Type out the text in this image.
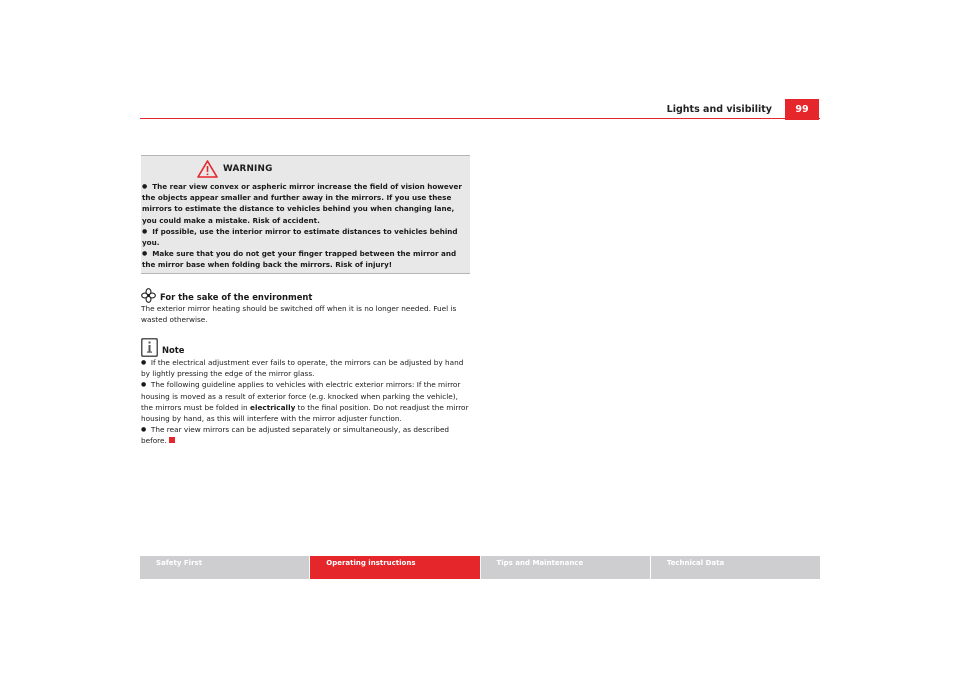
Lights and visibility	99
WARNING

● The rear view convex or aspheric mirror increase the field of vision however the objects appear smaller and further away in the mirrors. If you use these mirrors to estimate the distance to vehicles behind you when changing lane, you could make a mistake. Risk of accident.

● If possible, use the interior mirror to estimate distances to vehicles behind you.

● Make sure that you do not get your finger trapped between the mirror and the mirror base when folding back the mirrors. Risk of injury!

For the sake of the environment

The exterior mirror heating should be switched off when it is no longer needed. Fuel is wasted otherwise.

Note

● If the electrical adjustment ever fails to operate, the mirrors can be adjusted by hand by lightly pressing the edge of the mirror glass.

● The following guideline applies to vehicles with electric exterior mirrors: If the mirror housing is moved as a result of exterior force (e.g. knocked when parking the vehicle), the mirrors must be folded in electrically to the final position. Do not readjust the mirror housing by hand, as this will interfere with the mirror adjuster function.

● The rear view mirrors can be adjusted separately or simultaneously, as described before.

Safety First	Operating instructions	Tips and Maintenance	Technical Data
